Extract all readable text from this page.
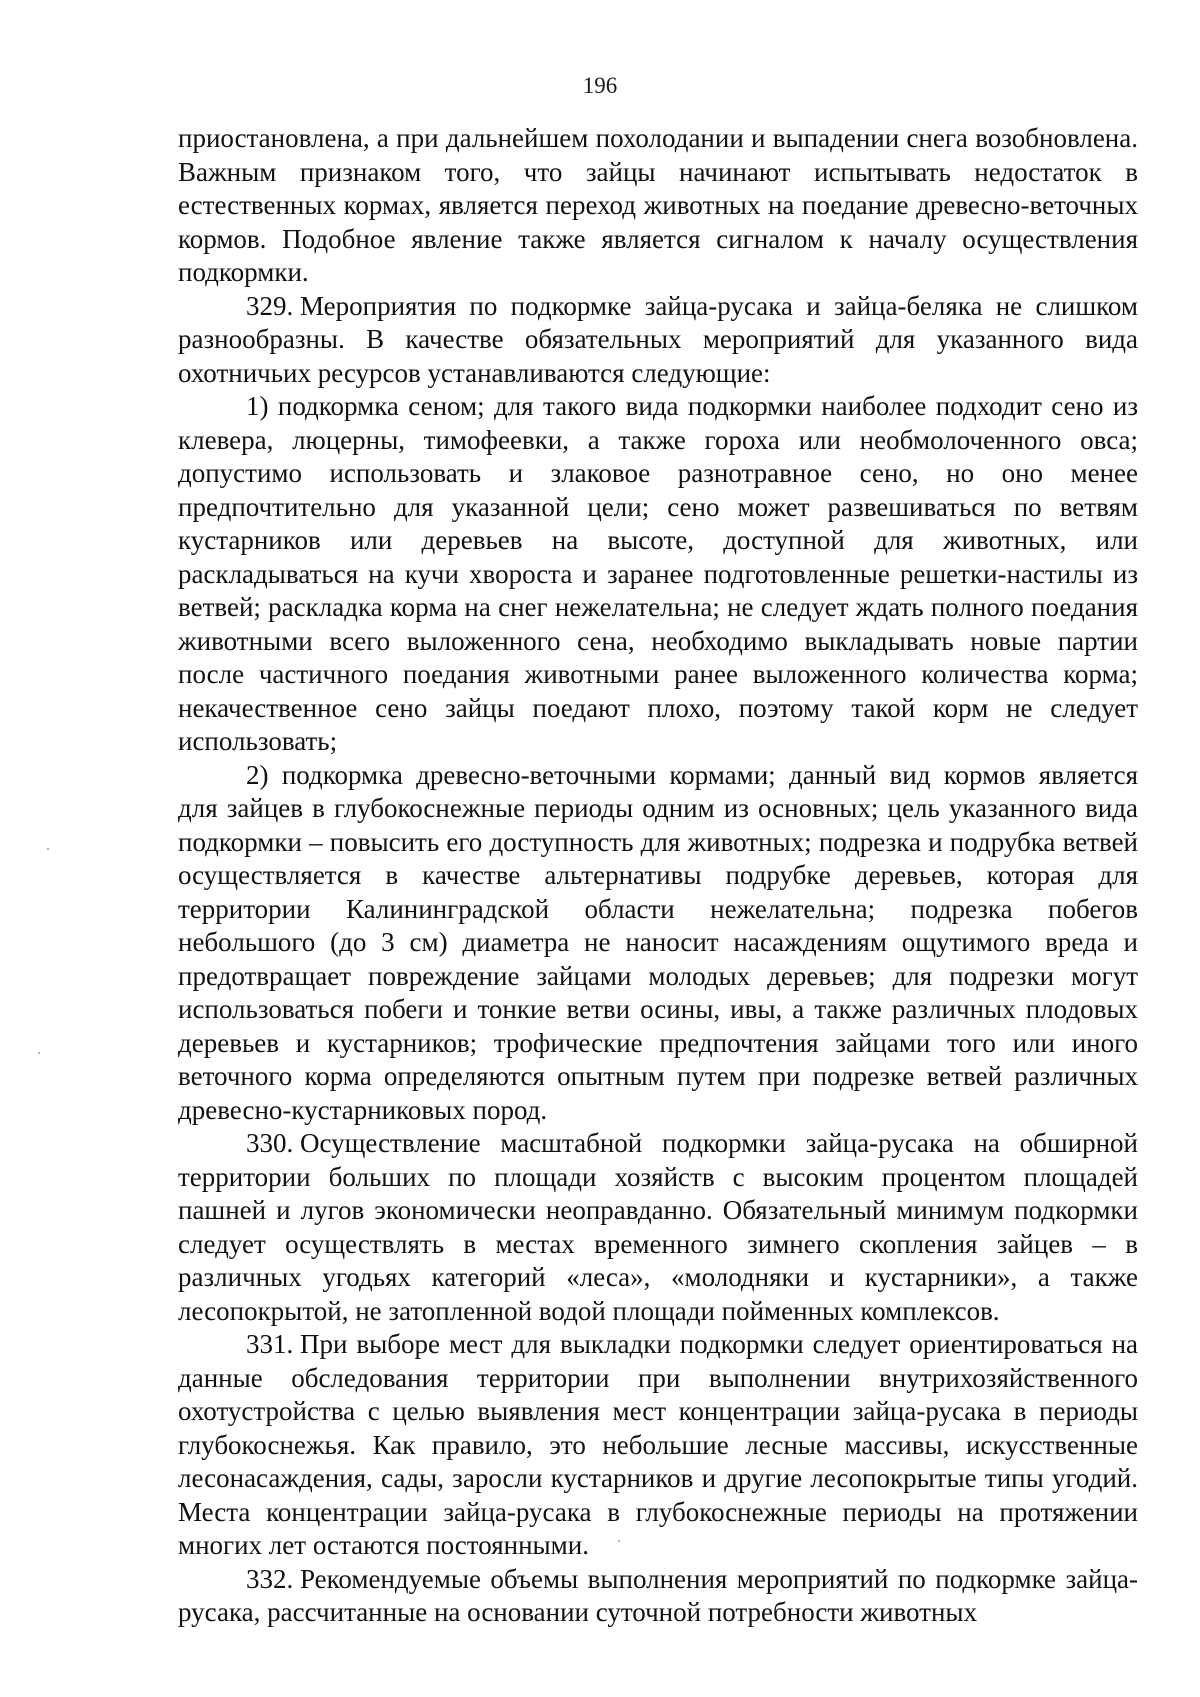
196

приостановлена, а при дальнейшем похолодании и выпадении снега возобновлена. Важным признаком того, что зайцы начинают испытывать недостаток в естественных кормах, является переход животных на поедание древесно-веточных кормов. Подобное явление также является сигналом к началу осуществления подкормки.

329. Мероприятия по подкормке зайца-русака и зайца-беляка не слишком разнообразны. В качестве обязательных мероприятий для указанного вида охотничьих ресурсов устанавливаются следующие:

1) подкормка сеном; для такого вида подкормки наиболее подходит сено из клевера, люцерны, тимофеевки, а также гороха или необмолоченного овса; допустимо использовать и злаковое разнотравное сено, но оно менее предпочтительно для указанной цели; сено может развешиваться по ветвям кустарников или деревьев на высоте, доступной для животных, или раскладываться на кучи хвороста и заранее подготовленные решетки-настилы из ветвей; раскладка корма на снег нежелательна; не следует ждать полного поедания животными всего выложенного сена, необходимо выкладывать новые партии после частичного поедания животными ранее выложенного количества корма; некачественное сено зайцы поедают плохо, поэтому такой корм не следует использовать;

2) подкормка древесно-веточными кормами; данный вид кормов является для зайцев в глубокоснежные периоды одним из основных; цель указанного вида подкормки – повысить его доступность для животных; подрезка и подрубка ветвей осуществляется в качестве альтернативы подрубке деревьев, которая для территории Калининградской области нежелательна; подрезка побегов небольшого (до 3 см) диаметра не наносит насаждениям ощутимого вреда и предотвращает повреждение зайцами молодых деревьев; для подрезки могут использоваться побеги и тонкие ветви осины, ивы, а также различных плодовых деревьев и кустарников; трофические предпочтения зайцами того или иного веточного корма определяются опытным путем при подрезке ветвей различных древесно-кустарниковых пород.

330. Осуществление масштабной подкормки зайца-русака на обширной территории больших по площади хозяйств с высоким процентом площадей пашней и лугов экономически неоправданно. Обязательный минимум подкормки следует осуществлять в местах временного зимнего скопления зайцев – в различных угодьях категорий «леса», «молодняки и кустарники», а также лесопокрытой, не затопленной водой площади пойменных комплексов.

331. При выборе мест для выкладки подкормки следует ориентироваться на данные обследования территории при выполнении внутрихозяйственного охотустройства с целью выявления мест концентрации зайца-русака в периоды глубокоснежья. Как правило, это небольшие лесные массивы, искусственные лесонасаждения, сады, заросли кустарников и другие лесопокрытые типы угодий. Места концентрации зайца-русака в глубокоснежные периоды на протяжении многих лет остаются постоянными.

332. Рекомендуемые объемы выполнения мероприятий по подкормке зайца-русака, рассчитанные на основании суточной потребности животных
